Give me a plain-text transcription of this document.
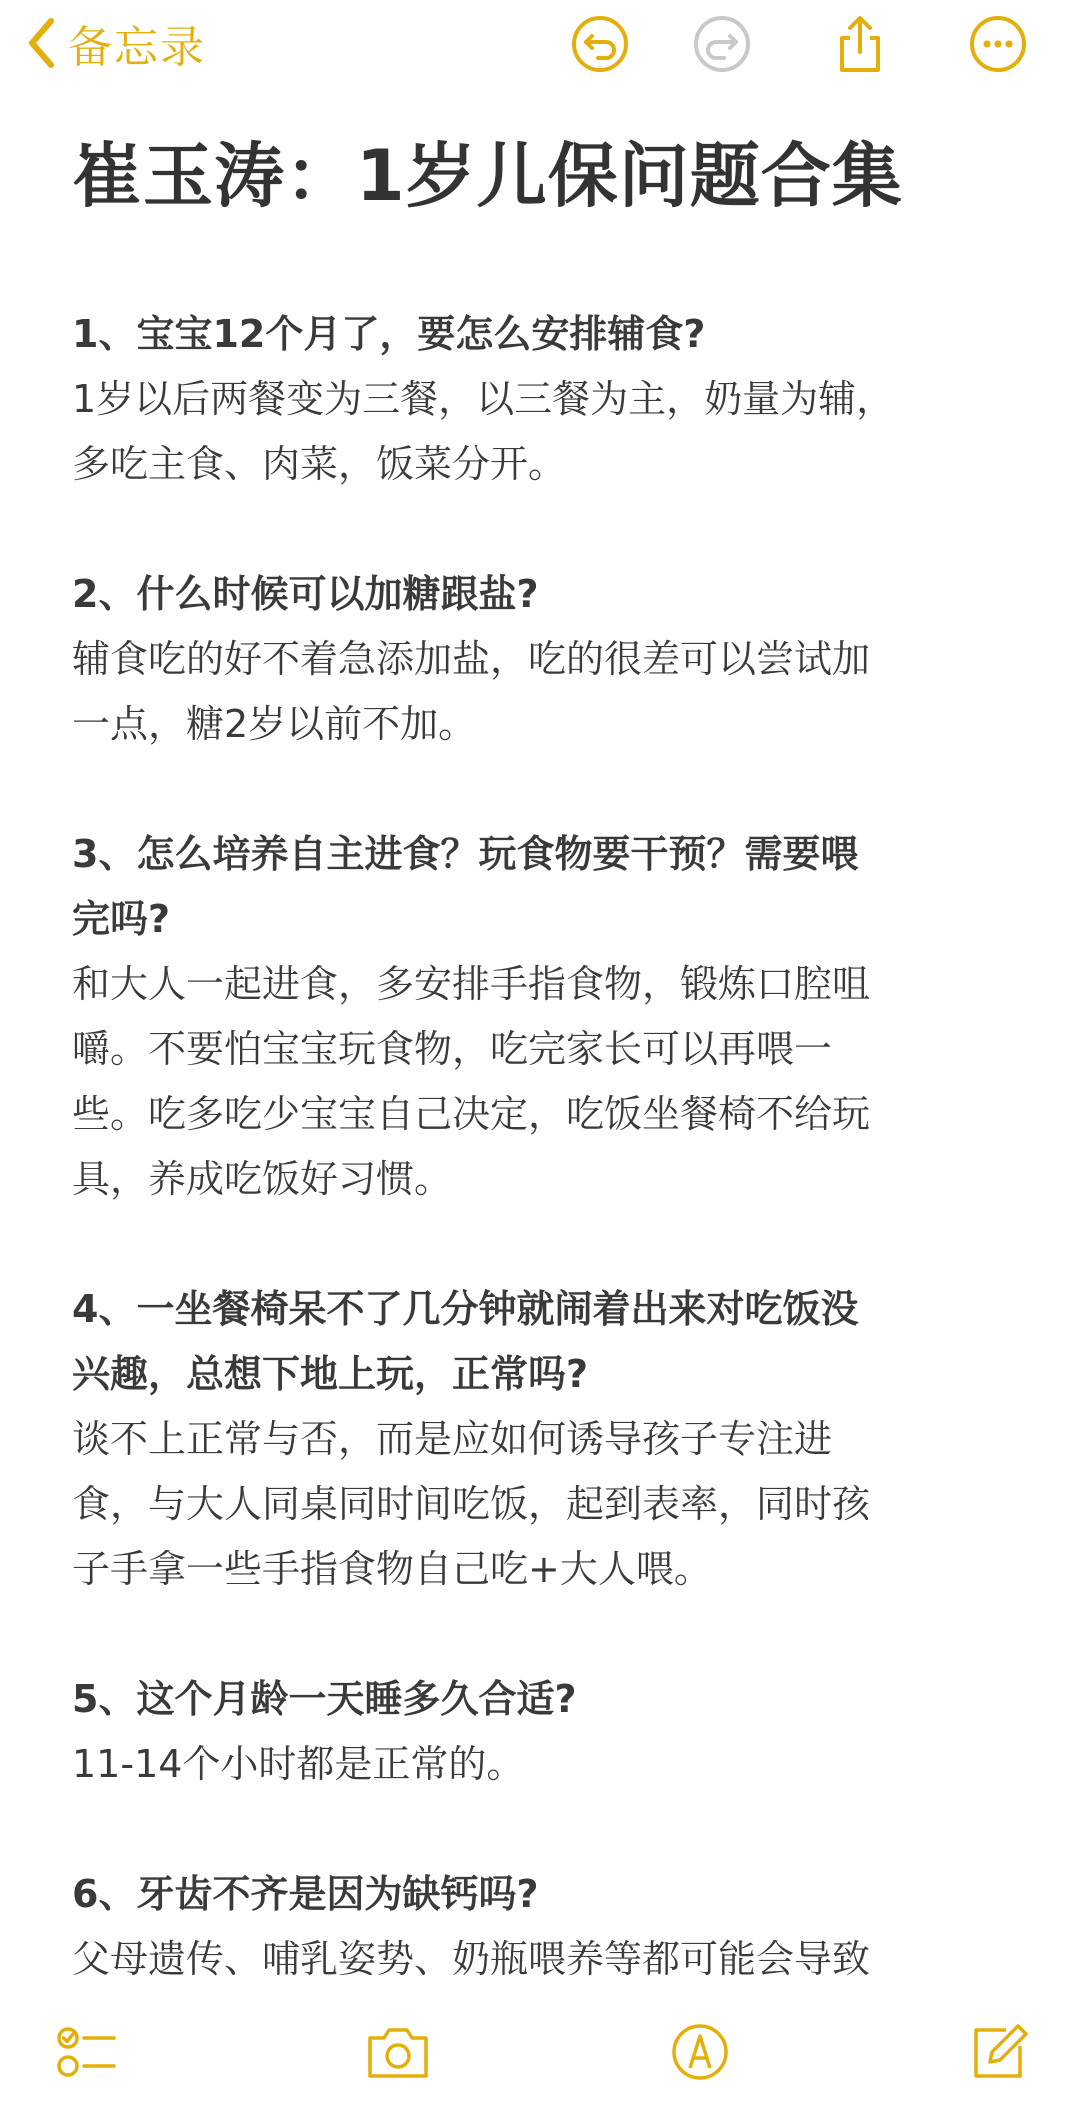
备忘录
崔玉涛：1岁儿保问题合集
1、宝宝12个月了，要怎么安排辅食?
1岁以后两餐变为三餐，以三餐为主，奶量为辅，
多吃主食、肉菜，饭菜分开。
2、什么时候可以加糖跟盐?
辅食吃的好不着急添加盐，吃的很差可以尝试加
一点，糖2岁以前不加。
3、怎么培养自主进食？玩食物要干预？需要喂
完吗?
和大人一起进食，多安排手指食物，锻炼口腔咀
嚼。不要怕宝宝玩食物，吃完家长可以再喂一
些。吃多吃少宝宝自己决定，吃饭坐餐椅不给玩
具，养成吃饭好习惯。
4、一坐餐椅呆不了几分钟就闹着出来对吃饭没
兴趣，总想下地上玩，正常吗?
谈不上正常与否，而是应如何诱导孩子专注进
食，与大人同桌同时间吃饭，起到表率，同时孩
子手拿一些手指食物自己吃+大人喂。
5、这个月龄一天睡多久合适?
11-14个小时都是正常的。
6、牙齿不齐是因为缺钙吗?
父母遗传、哺乳姿势、奶瓶喂养等都可能会导致
